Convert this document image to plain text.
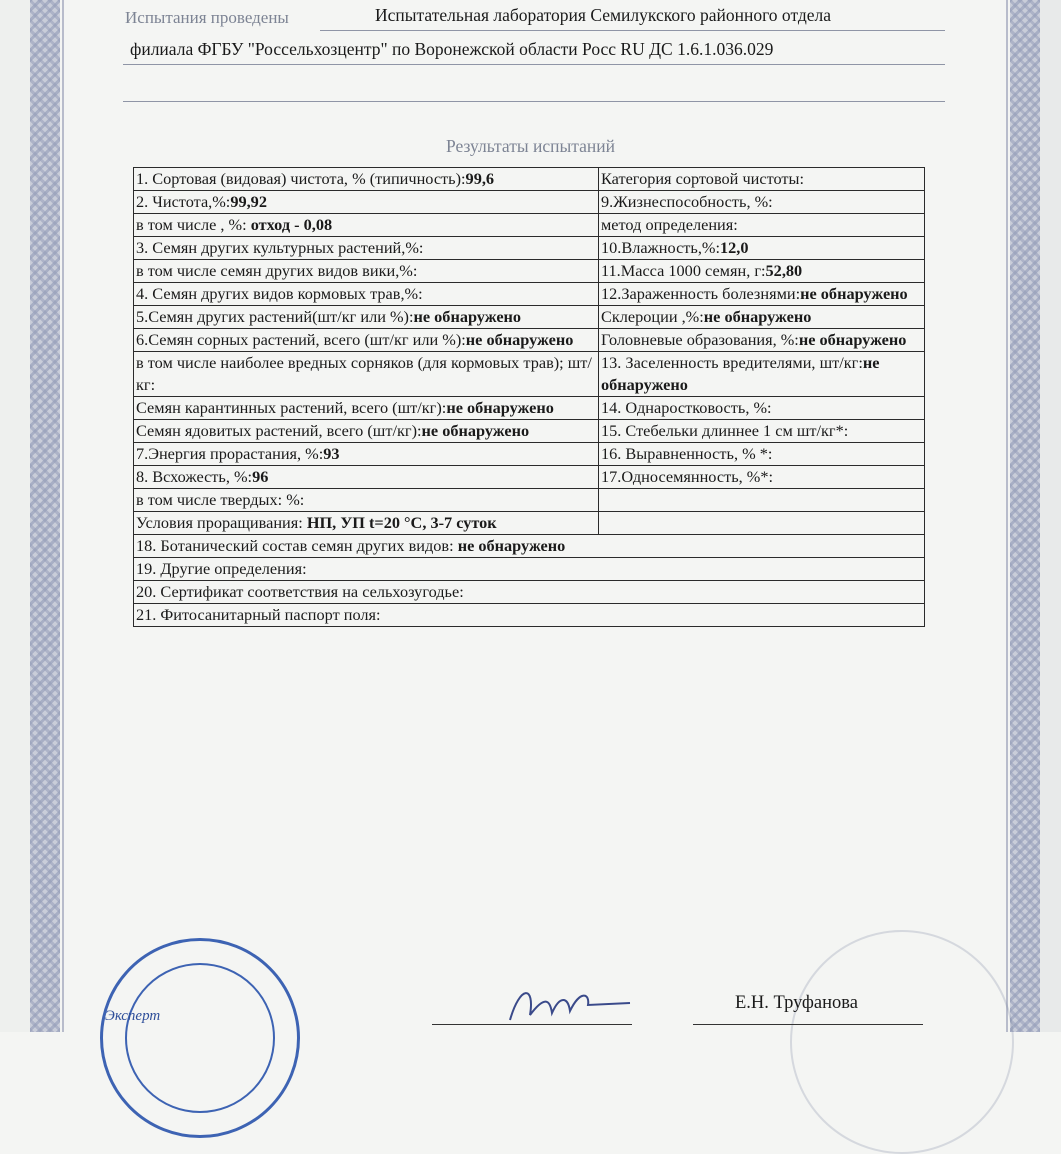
Испытания проведены	Испытательная лаборатория Семилукского районного отдела
филиала ФГБУ "Россельхозцентр" по Воронежской области Росс RU ДС 1.6.1.036.029
Результаты испытаний
1. Сортовая (видовая) чистота, % (типичность):99,6	Категория сортовой чистоты:
2. Чистота,%:99,92	9.Жизнеспособность, %:
в том числе , %: отход - 0,08	метод определения:
3. Семян других культурных растений,%:	10.Влажность,%:12,0
в том числе семян других видов вики,%:	11.Масса 1000 семян, г:52,80
4. Семян других видов кормовых трав,%:	12.Зараженность болезнями:не обнаружено
5.Семян других растений(шт/кг или %):не обнаружено	Склероции ,%:не обнаружено
6.Семян сорных растений, всего (шт/кг или %):не обнаружено	Головневые образования, %:не обнаружено
в том числе наиболее вредных сорняков (для кормовых трав); шт/кг:	13. Заселенность вредителями, шт/кг:не обнаружено
Семян карантинных растений, всего (шт/кг):не обнаружено	14. Однаростковость, %:
Семян ядовитых растений, всего (шт/кг):не обнаружено	15. Стебельки длиннее 1 см шт/кг*:
7.Энергия прорастания, %:93	16. Выравненность, % *:
8. Всхожесть, %:96	17.Односемянность, %*:
в том числе твердых: %:	
Условия проращивания: НП, УП t=20 °С, 3-7 суток	
18. Ботанический состав семян других видов: не обнаружено	
19. Другие определения:	
20. Сертификат соответствия на сельхозугодье:	
21. Фитосанитарный паспорт поля:	
Эксперт
Е.Н. Труфанова
